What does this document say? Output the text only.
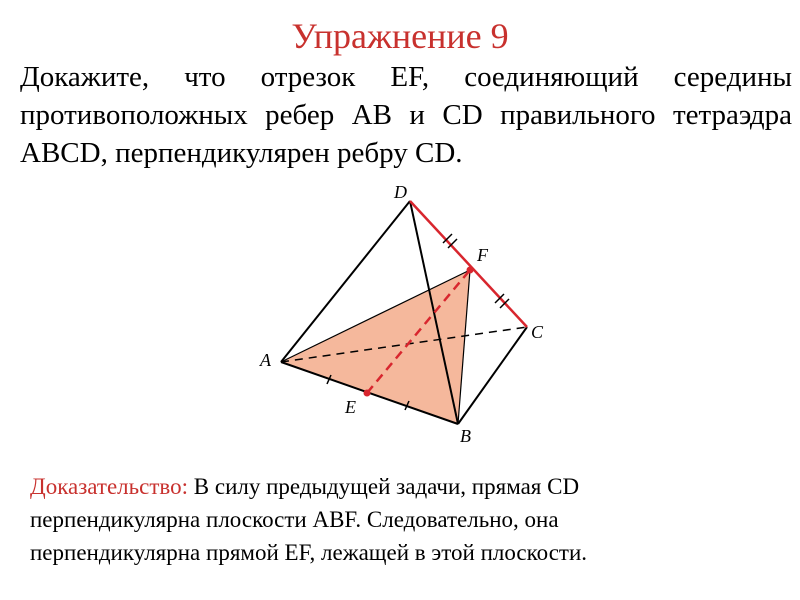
Упражнение 9
Докажите, что отрезок EF, соединяющий середины
противоположных ребер AB и CD правильного тетраэдра
ABCD, перпендикулярен ребру CD.
D
F
C
A
E
B
Доказательство: В силу предыдущей задачи, прямая CD
перпендикулярна плоскости ABF. Следовательно, она
перпендикулярна прямой EF, лежащей в этой плоскости.
